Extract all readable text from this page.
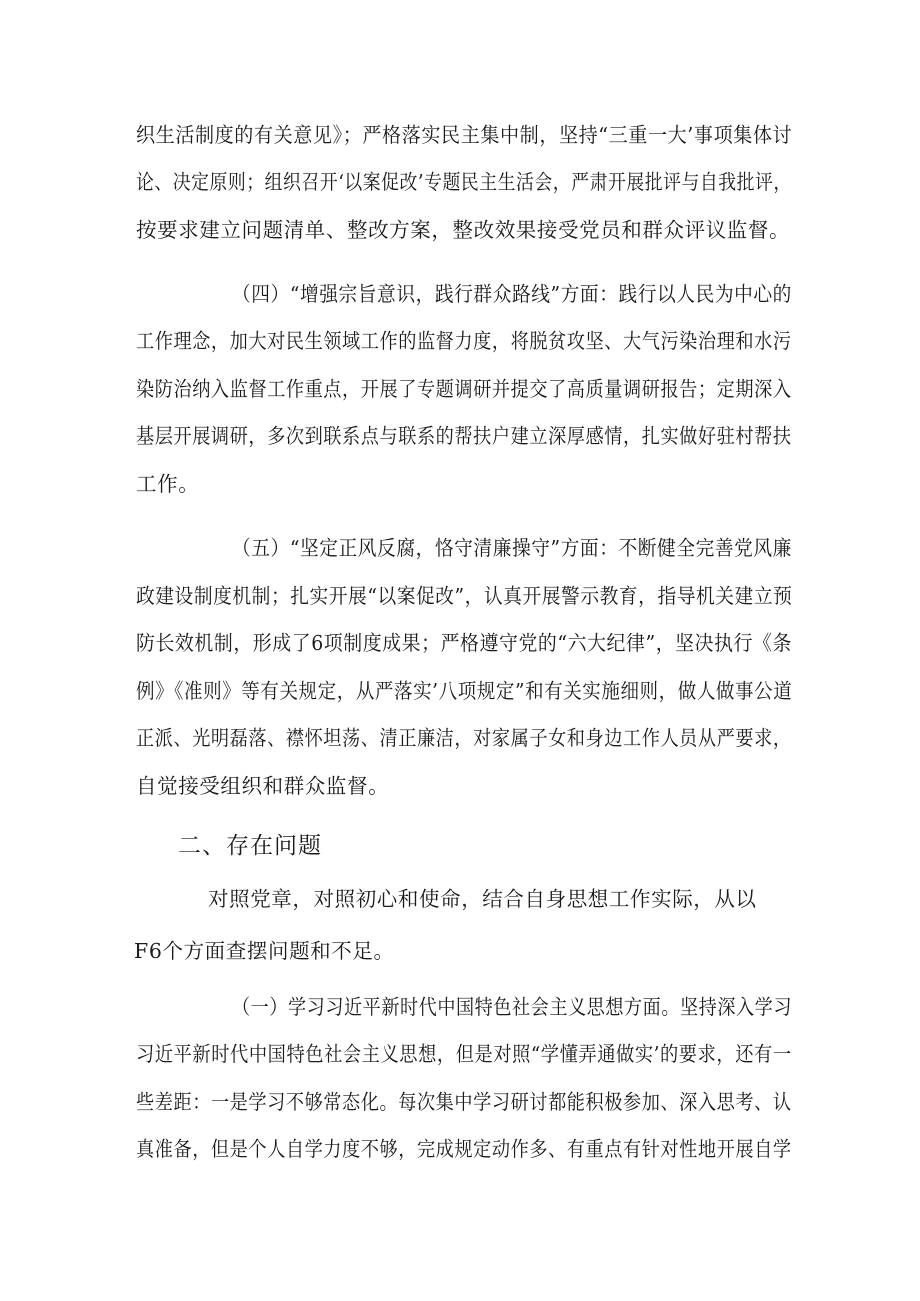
织生活制度的有关意见》；严格落实民主集中制，坚持“三重一大’事项集体讨
论、决定原则；组织召开‘以案促改’专题民主生活会，严肃开展批评与自我批评，
按要求建立问题清单、整改方案，整改效果接受党员和群众评议监督。
（四）“增强宗旨意识，践行群众路线”方面：践行以人民为中心的
工作理念，加大对民生领域工作的监督力度，将脱贫攻坚、大气污染治理和水污
染防治纳入监督工作重点，开展了专题调研并提交了高质量调研报告；定期深入
基层开展调研，多次到联系点与联系的帮扶户建立深厚感情，扎实做好驻村帮扶
工作。
（五）“坚定正风反腐，恪守清廉操守”方面：不断健全完善党风廉
政建设制度机制；扎实开展“以案促改”，认真开展警示教育，指导机关建立预
防长效机制，形成了6项制度成果；严格遵守党的“六大纪律”，坚决执行《条
例》《准则》等有关规定，从严落实’八项规定”和有关实施细则，做人做事公道
正派、光明磊落、襟怀坦荡、清正廉洁，对家属子女和身边工作人员从严要求，
自觉接受组织和群众监督。
二、存在问题
对照党章，对照初心和使命，结合自身思想工作实际，从以
F6个方面查摆问题和不足。
（一）学习习近平新时代中国特色社会主义思想方面。坚持深入学习
习近平新时代中国特色社会主义思想，但是对照“学懂弄通做实’的要求，还有一
些差距：一是学习不够常态化。每次集中学习研讨都能积极参加、深入思考、认
真准备，但是个人自学力度不够，完成规定动作多、有重点有针对性地开展自学
